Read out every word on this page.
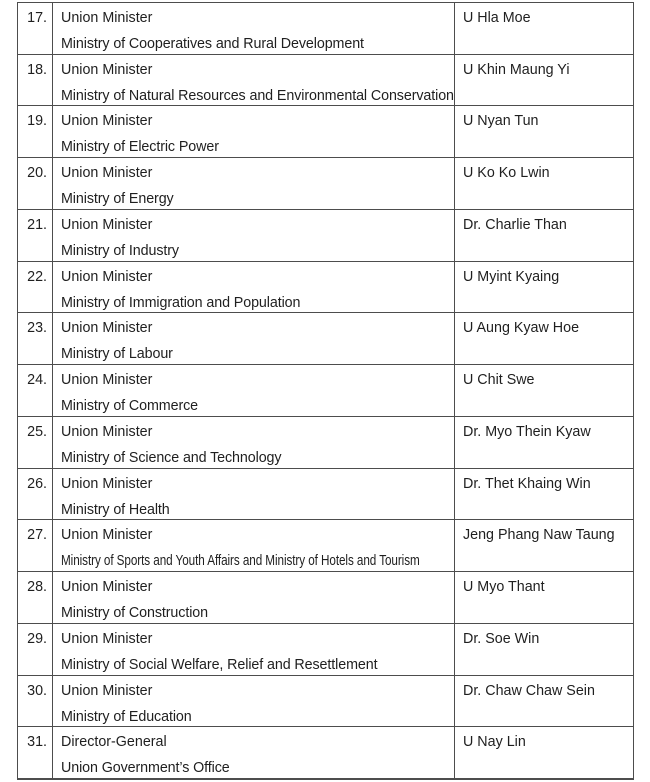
17. Union Minister
Ministry of Cooperatives and Rural Development
U Hla Moe
18. Union Minister
Ministry of Natural Resources and Environmental Conservation
U Khin Maung Yi
19. Union Minister
Ministry of Electric Power
U Nyan Tun
20. Union Minister
Ministry of Energy
U Ko Ko Lwin
21. Union Minister
Ministry of Industry
Dr. Charlie Than
22. Union Minister
Ministry of Immigration and Population
U Myint Kyaing
23. Union Minister
Ministry of Labour
U Aung Kyaw Hoe
24. Union Minister
Ministry of Commerce
U Chit Swe
25. Union Minister
Ministry of Science and Technology
Dr. Myo Thein Kyaw
26. Union Minister
Ministry of Health
Dr. Thet Khaing Win
27. Union Minister
Ministry of Sports and Youth Affairs and Ministry of Hotels and Tourism
Jeng Phang Naw Taung
28. Union Minister
Ministry of Construction
U Myo Thant
29. Union Minister
Ministry of Social Welfare, Relief and Resettlement
Dr. Soe Win
30. Union Minister
Ministry of Education
Dr. Chaw Chaw Sein
31. Director-General
Union Government’s Office
U Nay Lin
